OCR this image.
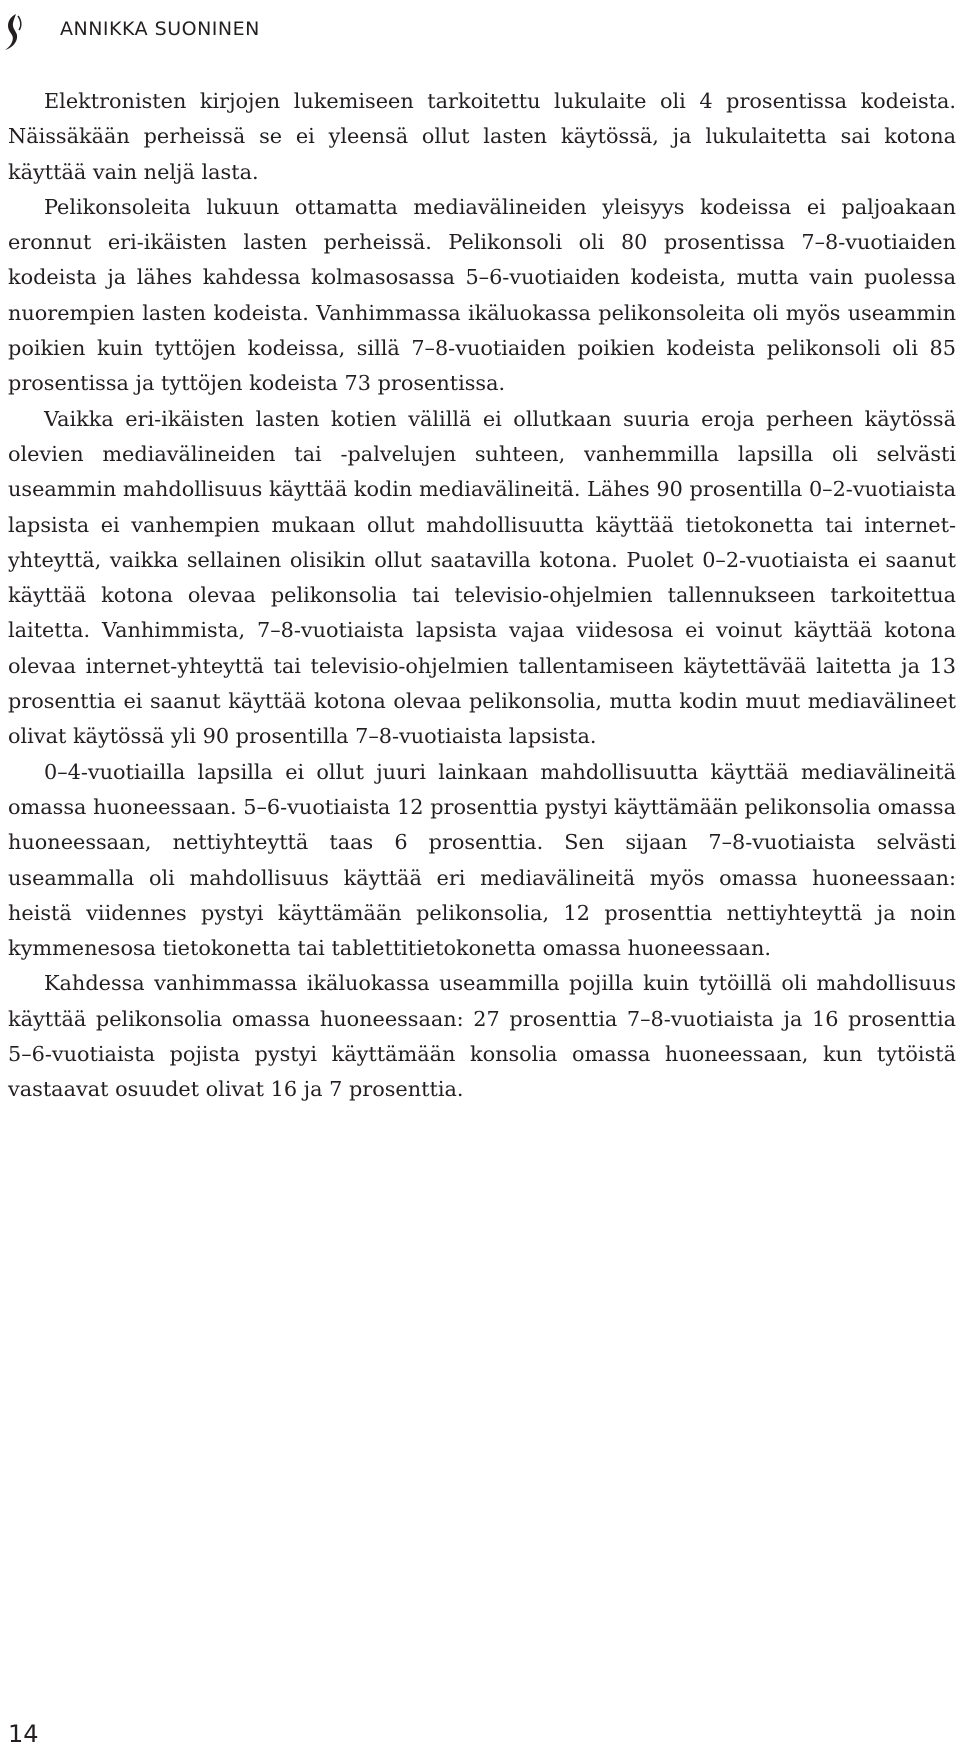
ANNIKKA SUONINEN

Elektronisten kirjojen lukemiseen tarkoitettu lukulaite oli 4 prosentissa kodeista. Näissäkään perheissä se ei yleensä ollut lasten käytössä, ja lukulaitetta sai kotona käyttää vain neljä lasta.

Pelikonsoleita lukuun ottamatta mediavälineiden yleisyys kodeissa ei paljoakaan eronnut eri-ikäisten lasten perheissä. Pelikonsoli oli 80 prosentissa 7–8-vuotiaiden kodeista ja lähes kahdessa kolmasosassa 5–6-vuotiaiden kodeista, mutta vain puolessa nuorempien lasten kodeista. Vanhimmassa ikäluokassa pelikonsoleita oli myös useammin poikien kuin tyttöjen kodeissa, sillä 7–8-vuotiaiden poikien kodeista pelikonsoli oli 85 prosentissa ja tyttöjen kodeista 73 prosentissa.

Vaikka eri-ikäisten lasten kotien välillä ei ollutkaan suuria eroja perheen käytössä olevien mediavälineiden tai -palvelujen suhteen, vanhemmilla lapsilla oli selvästi useammin mahdollisuus käyttää kodin mediavälineitä. Lähes 90 prosentilla 0–2-vuotiaista lapsista ei vanhempien mukaan ollut mahdollisuutta käyttää tietokonetta tai internet-yhteyttä, vaikka sellainen olisikin ollut saatavilla kotona. Puolet 0–2-vuotiaista ei saanut käyttää kotona olevaa pelikonsolia tai televisio-ohjelmien tallennukseen tarkoitettua laitetta. Vanhimmista, 7–8-vuotiaista lapsista vajaa viidesosa ei voinut käyttää kotona olevaa internet-yhteyttä tai televisio-ohjelmien tallentamiseen käytettävää laitetta ja 13 prosenttia ei saanut käyttää kotona olevaa pelikonsolia, mutta kodin muut mediavälineet olivat käytössä yli 90 prosentilla 7–8-vuotiaista lapsista.

0–4-vuotiailla lapsilla ei ollut juuri lainkaan mahdollisuutta käyttää mediavälineitä omassa huoneessaan. 5–6-vuotiaista 12 prosenttia pystyi käyttämään pelikonsolia omassa huoneessaan, nettiyhteyttä taas 6 prosenttia. Sen sijaan 7–8-vuotiaista selvästi useammalla oli mahdollisuus käyttää eri mediavälineitä myös omassa huoneessaan: heistä viidennes pystyi käyttämään pelikonsolia, 12 prosenttia nettiyhteyttä ja noin kymmenesosa tietokonetta tai tablettitietokonetta omassa huoneessaan.

Kahdessa vanhimmassa ikäluokassa useammilla pojilla kuin tytöillä oli mahdollisuus käyttää pelikonsolia omassa huoneessaan: 27 prosenttia 7–8-vuotiaista ja 16 prosenttia 5–6-vuotiaista pojista pystyi käyttämään konsolia omassa huoneessaan, kun tytöistä vastaavat osuudet olivat 16 ja 7 prosenttia.

14
